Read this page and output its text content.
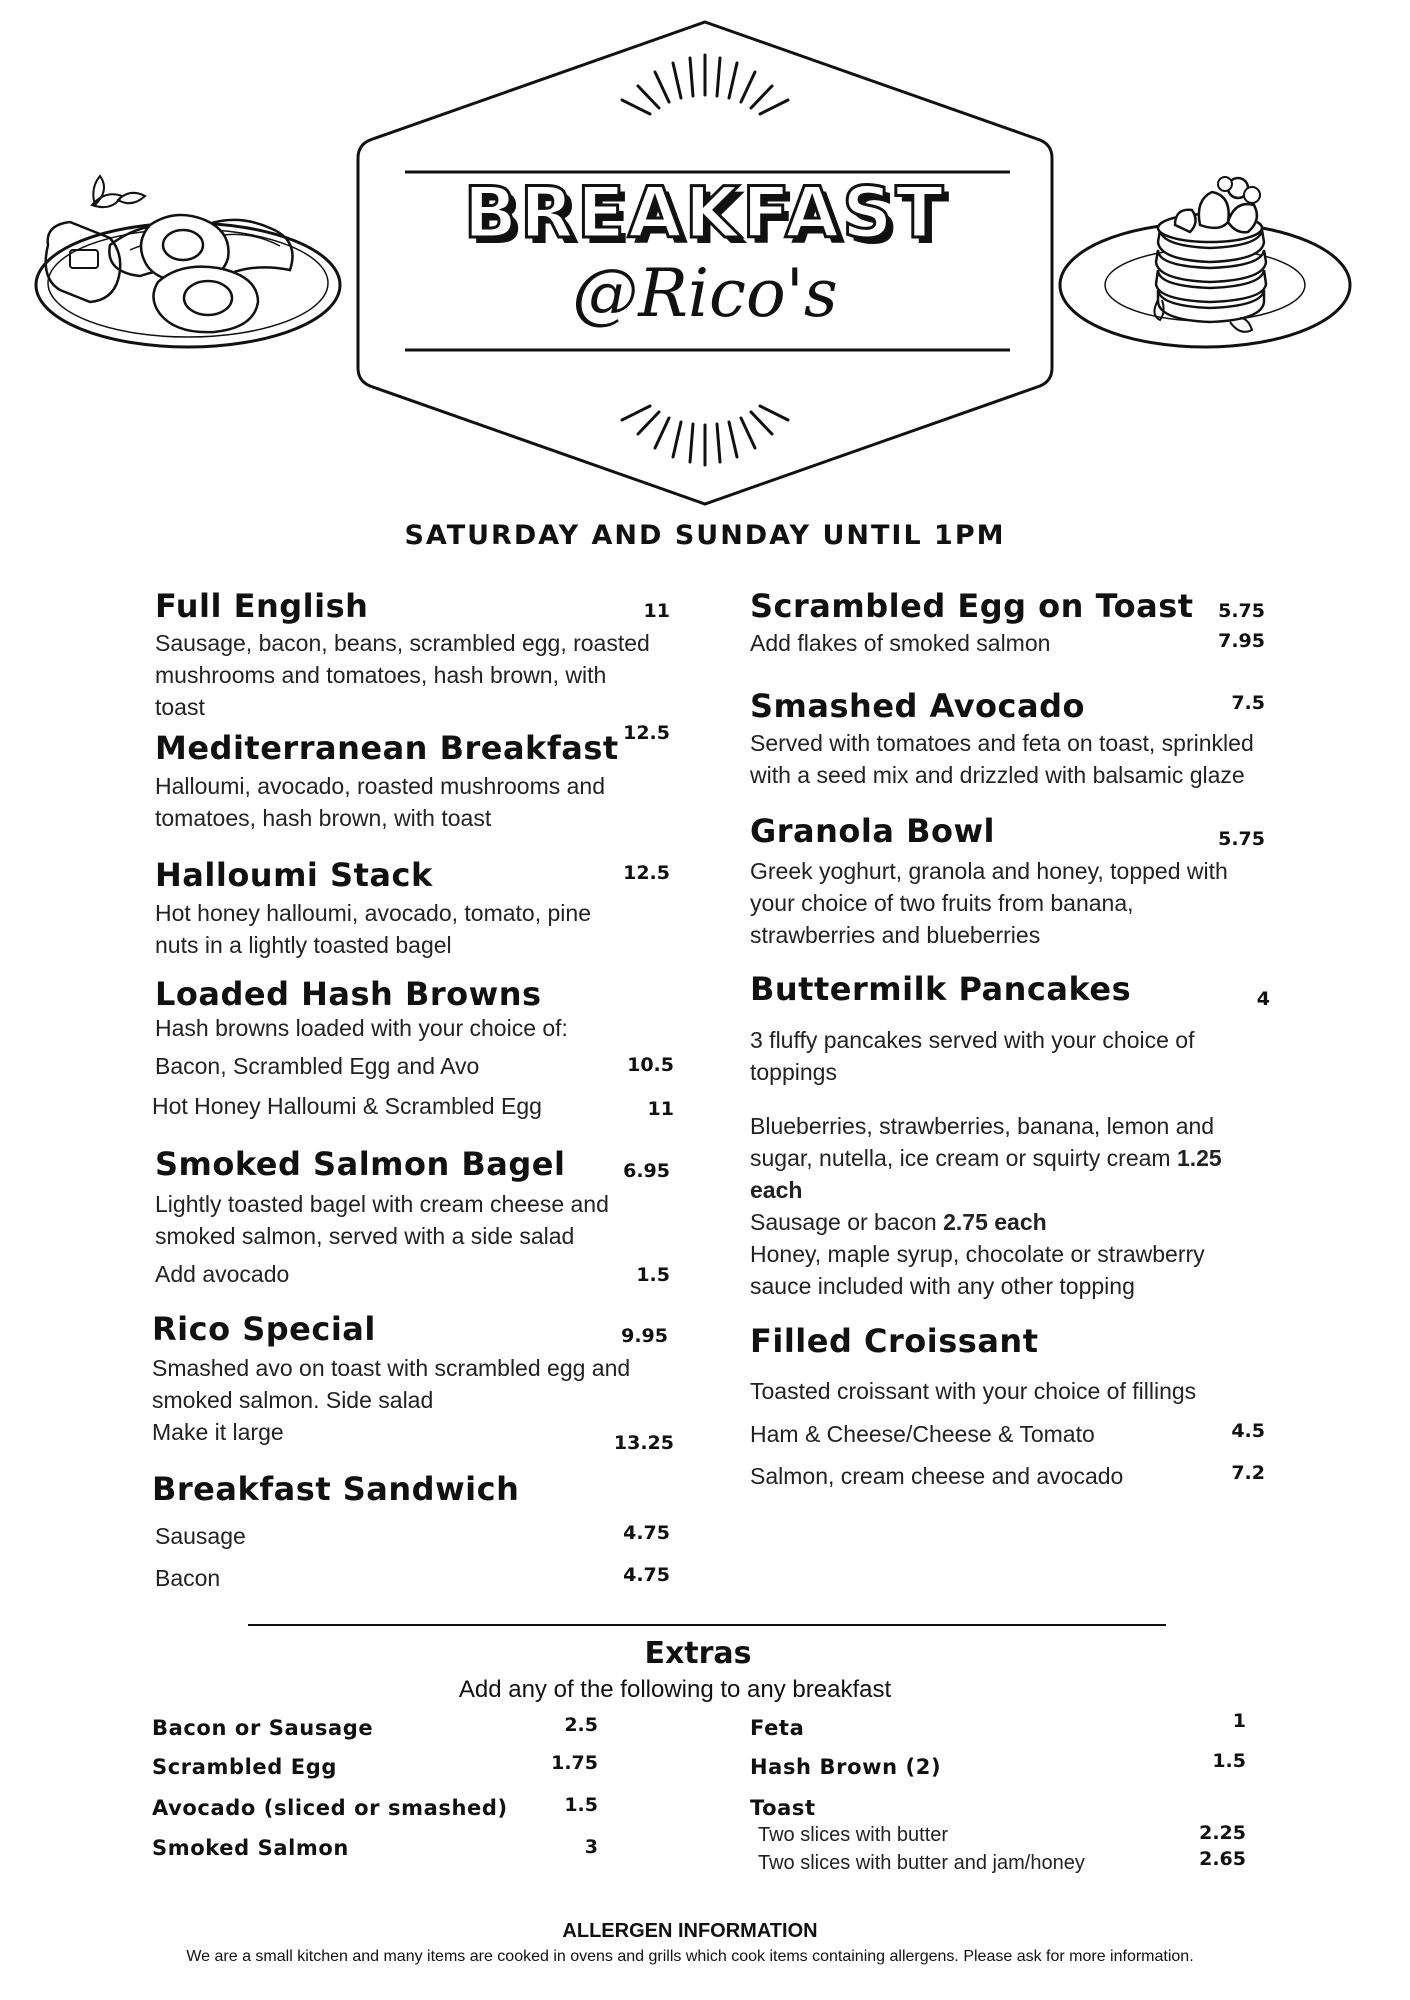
BREAKFAST
@Rico's
SATURDAY AND SUNDAY UNTIL 1PM
Full English	11
Sausage, bacon, beans, scrambled egg, roasted
mushrooms and tomatoes, hash brown, with
toast
Mediterranean Breakfast 12.5
Halloumi, avocado, roasted mushrooms and
tomatoes, hash brown, with toast
Halloumi Stack	12.5
Hot honey halloumi, avocado, tomato, pine
nuts in a lightly toasted bagel
Loaded Hash Browns
Hash browns loaded with your choice of:
Bacon, Scrambled Egg and Avo	10.5
Hot Honey Halloumi & Scrambled Egg	11
Smoked Salmon Bagel	6.95
Lightly toasted bagel with cream cheese and
smoked salmon, served with a side salad
Add avocado	1.5
Rico Special	9.95
Smashed avo on toast with scrambled egg and
smoked salmon. Side salad
Make it large	13.25
Breakfast Sandwich
Sausage	4.75
Bacon	4.75
Scrambled Egg on Toast	5.75
Add flakes of smoked salmon	7.95
Smashed Avocado	7.5
Served with tomatoes and feta on toast, sprinkled
with a seed mix and drizzled with balsamic glaze
Granola Bowl	5.75
Greek yoghurt, granola and honey, topped with
your choice of two fruits from banana,
strawberries and blueberries
Buttermilk Pancakes	4
3 fluffy pancakes served with your choice of
toppings
Blueberries, strawberries, banana, lemon and
sugar, nutella, ice cream or squirty cream 1.25
each
Sausage or bacon 2.75 each
Honey, maple syrup, chocolate or strawberry
sauce included with any other topping
Filled Croissant
Toasted croissant with your choice of fillings
Ham & Cheese/Cheese & Tomato	4.5
Salmon, cream cheese and avocado	7.2
Extras
Add any of the following to any breakfast
Bacon or Sausage	2.5
Scrambled Egg	1.75
Avocado (sliced or smashed)	1.5
Smoked Salmon	3
Feta	1
Hash Brown (2)	1.5
Toast
Two slices with butter	2.25
Two slices with butter and jam/honey	2.65
ALLERGEN INFORMATION
We are a small kitchen and many items are cooked in ovens and grills which cook items containing allergens. Please ask for more information.
